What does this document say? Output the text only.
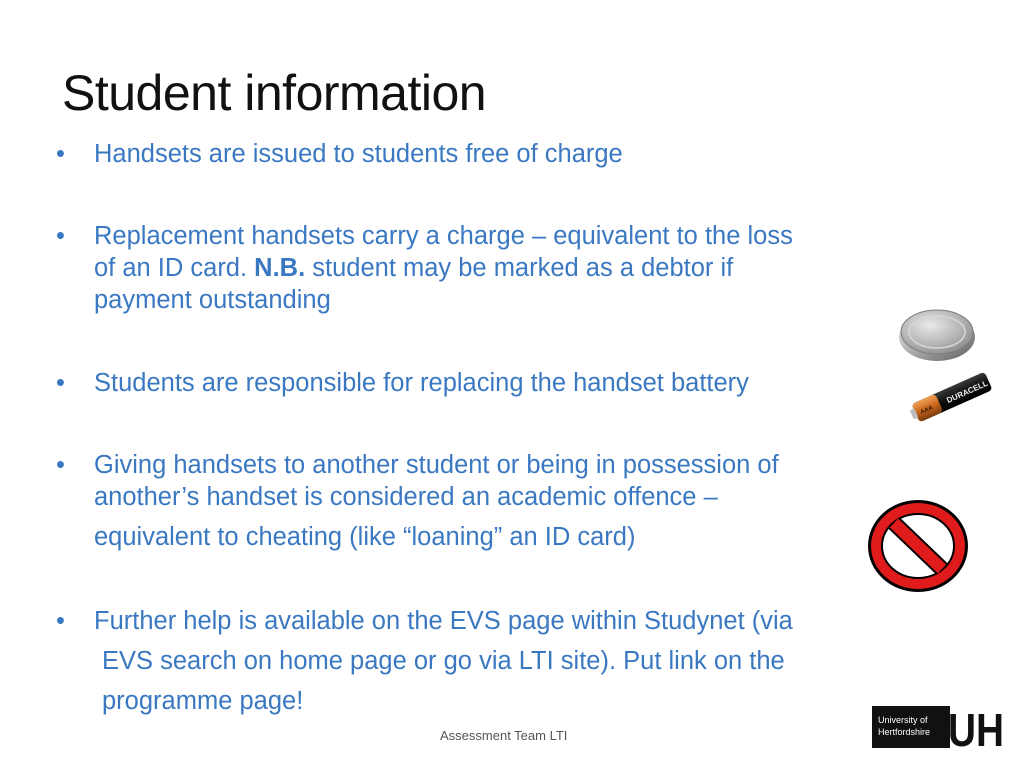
Student information
•	Handsets are issued to students free of charge
•	Replacement handsets carry a charge – equivalent to the loss
of an ID card. N.B. student may be marked as a debtor if
payment outstanding
•	Students are responsible for replacing the handset battery
•	Giving handsets to another student or being in possession of
another’s handset is considered an academic offence –
equivalent to cheating (like “loaning” an ID card)
•	Further help is available on the EVS page within Studynet (via
EVS search on home page or go via LTI site). Put link on the
programme page!
DURACELL
AAA
Assessment Team LTI
University of
Hertfordshire UH
